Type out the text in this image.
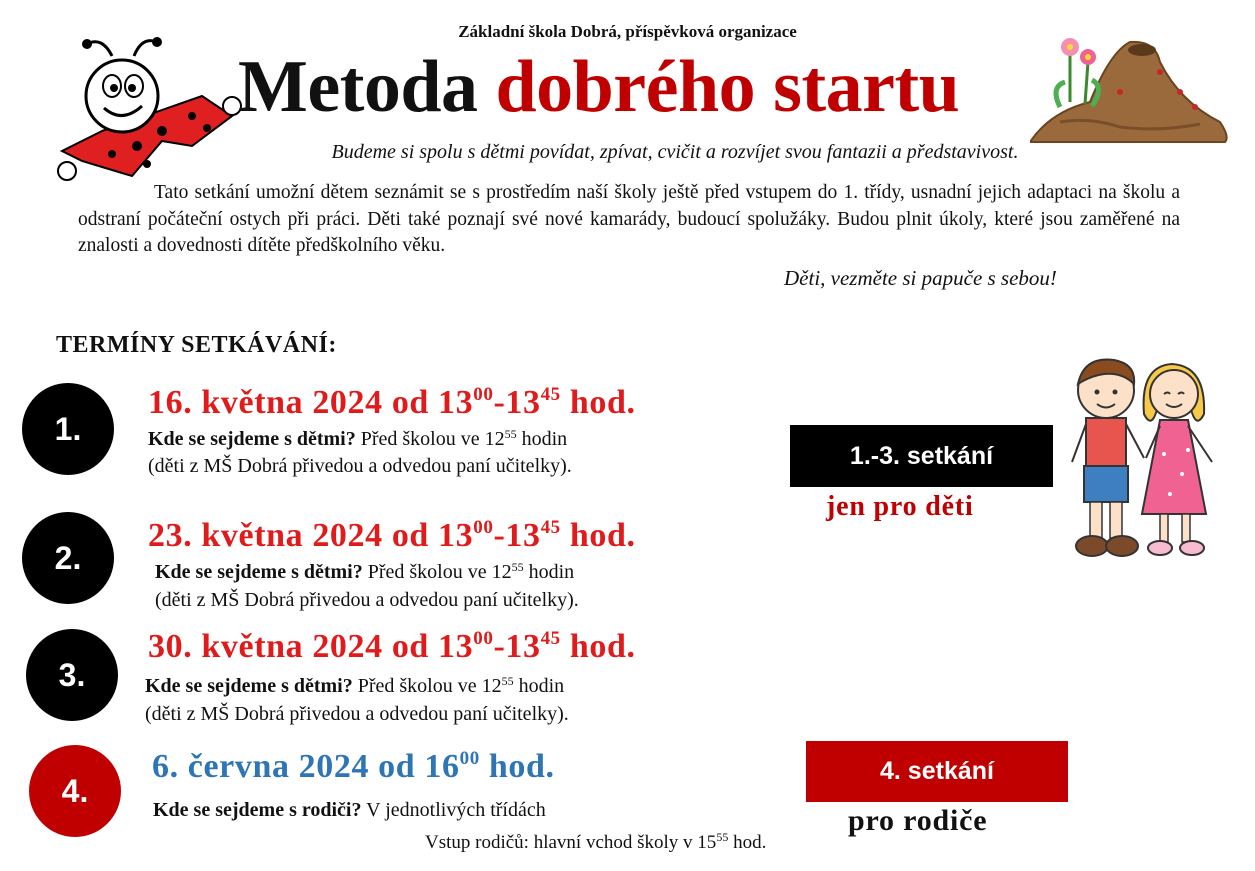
Základní škola Dobrá, příspěvková organizace
Metoda dobrého startu
Budeme si spolu s dětmi povídat, zpívat, cvičit a rozvíjet svou fantazii a představivost.
Tato setkání umožní dětem seznámit se s prostředím naší školy ještě před vstupem do 1. třídy, usnadní jejich adaptaci na školu a odstraní počáteční ostych při práci. Děti také poznají své nové kamarády, budoucí spolužáky. Budou plnit úkoly, které jsou zaměřené na znalosti a dovednosti dítěte předškolního věku.
Děti, vezměte si papuče s sebou!
TERMÍNY SETKÁVÁNÍ:
1.
16. května 2024 od $13^{00}-13^{45}$ hod.
Kde se sejdeme s dětmi? Před školou ve $12^{55}$ hodin
(děti z MŠ Dobrá přivedou a odvedou paní učitelky).
2.
23. května 2024 od $13^{00}-13^{45}$ hod.
Kde se sejdeme s dětmi? Před školou ve $12^{55}$ hodin
(děti z MŠ Dobrá přivedou a odvedou paní učitelky).
3.
30. května 2024 od $13^{00}-13^{45}$ hod.
Kde se sejdeme s dětmi? Před školou ve $12^{55}$ hodin
(děti z MŠ Dobrá přivedou a odvedou paní učitelky).
4.
6. června 2024 od $16^{00}$ hod.
Kde se sejdeme s rodiči? V jednotlivých třídách
Vstup rodičů: hlavní vchod školy v $15^{55}$ hod.
1.-3. setkání
jen pro děti
4. setkání
pro rodiče
